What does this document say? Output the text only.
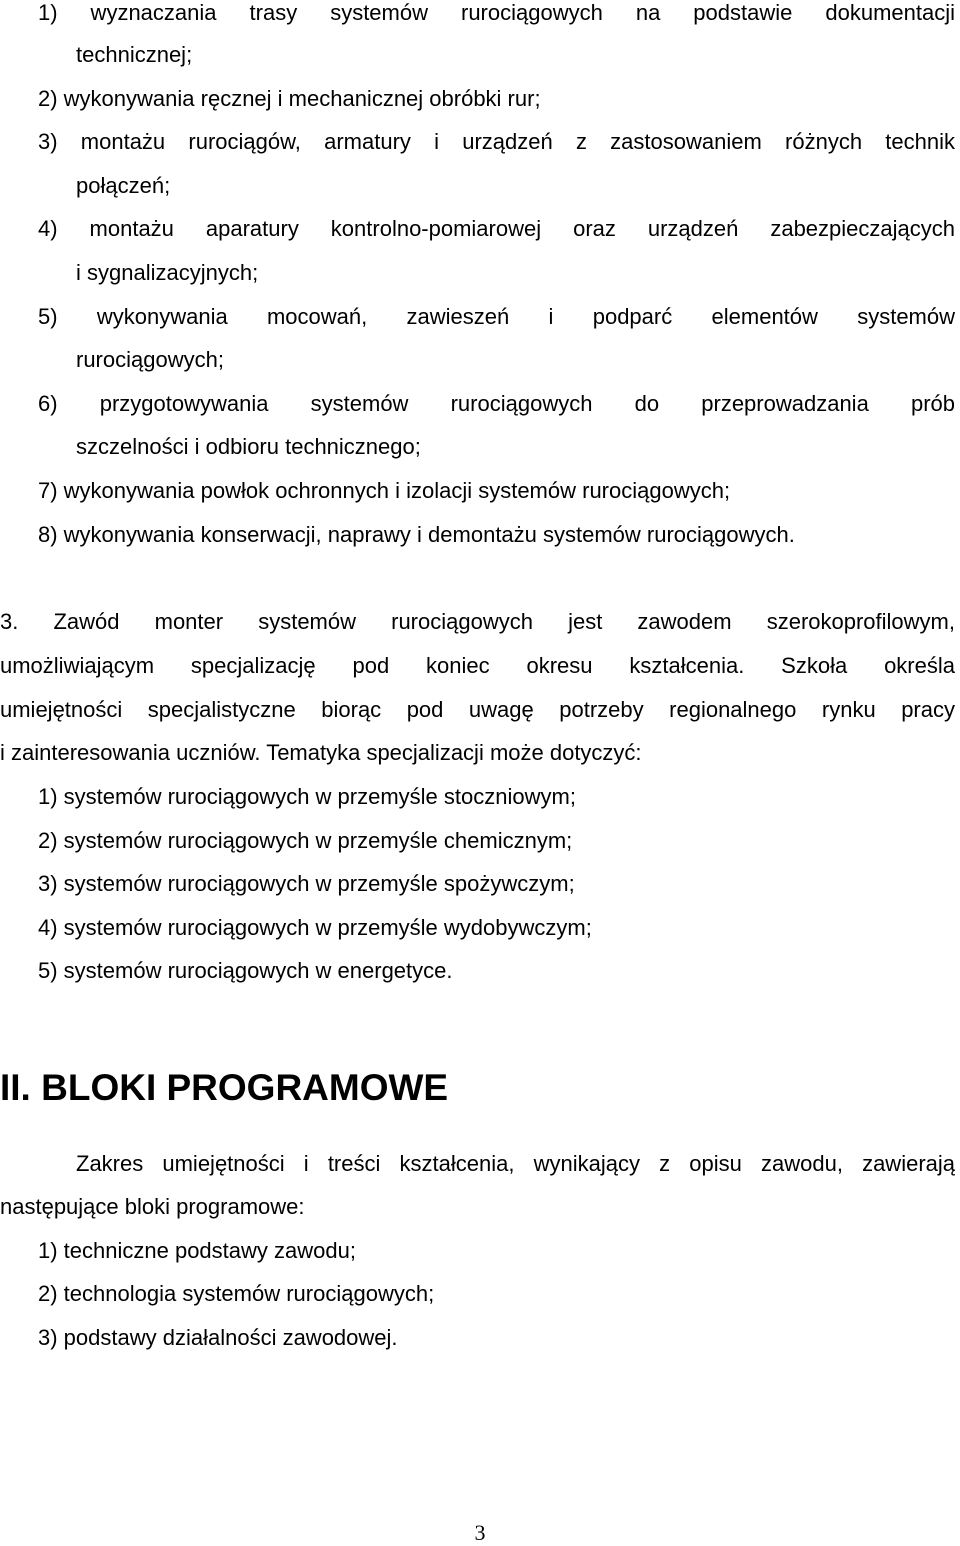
1) wyznaczania trasy systemów rurociągowych na podstawie dokumentacji
technicznej;
2) wykonywania ręcznej i mechanicznej obróbki rur;
3) montażu rurociągów, armatury i urządzeń z zastosowaniem różnych technik
połączeń;
4) montażu aparatury kontrolno-pomiarowej oraz urządzeń zabezpieczających
i sygnalizacyjnych;
5) wykonywania mocowań, zawieszeń i podparć elementów systemów
rurociągowych;
6) przygotowywania systemów rurociągowych do przeprowadzania prób
szczelności i odbioru technicznego;
7) wykonywania powłok ochronnych i izolacji systemów rurociągowych;
8) wykonywania konserwacji, naprawy i demontażu systemów rurociągowych.
3. Zawód monter systemów rurociągowych jest zawodem szerokoprofilowym,
umożliwiającym specjalizację pod koniec okresu kształcenia. Szkoła określa
umiejętności specjalistyczne biorąc pod uwagę potrzeby regionalnego rynku pracy
i zainteresowania uczniów. Tematyka specjalizacji może dotyczyć:
1) systemów rurociągowych w przemyśle stoczniowym;
2) systemów rurociągowych w przemyśle chemicznym;
3) systemów rurociągowych w przemyśle spożywczym;
4) systemów rurociągowych w przemyśle wydobywczym;
5) systemów rurociągowych w energetyce.
II. BLOKI PROGRAMOWE
Zakres umiejętności i treści kształcenia, wynikający z opisu zawodu, zawierają
następujące bloki programowe:
1) techniczne podstawy zawodu;
2) technologia systemów rurociągowych;
3) podstawy działalności zawodowej.
3
